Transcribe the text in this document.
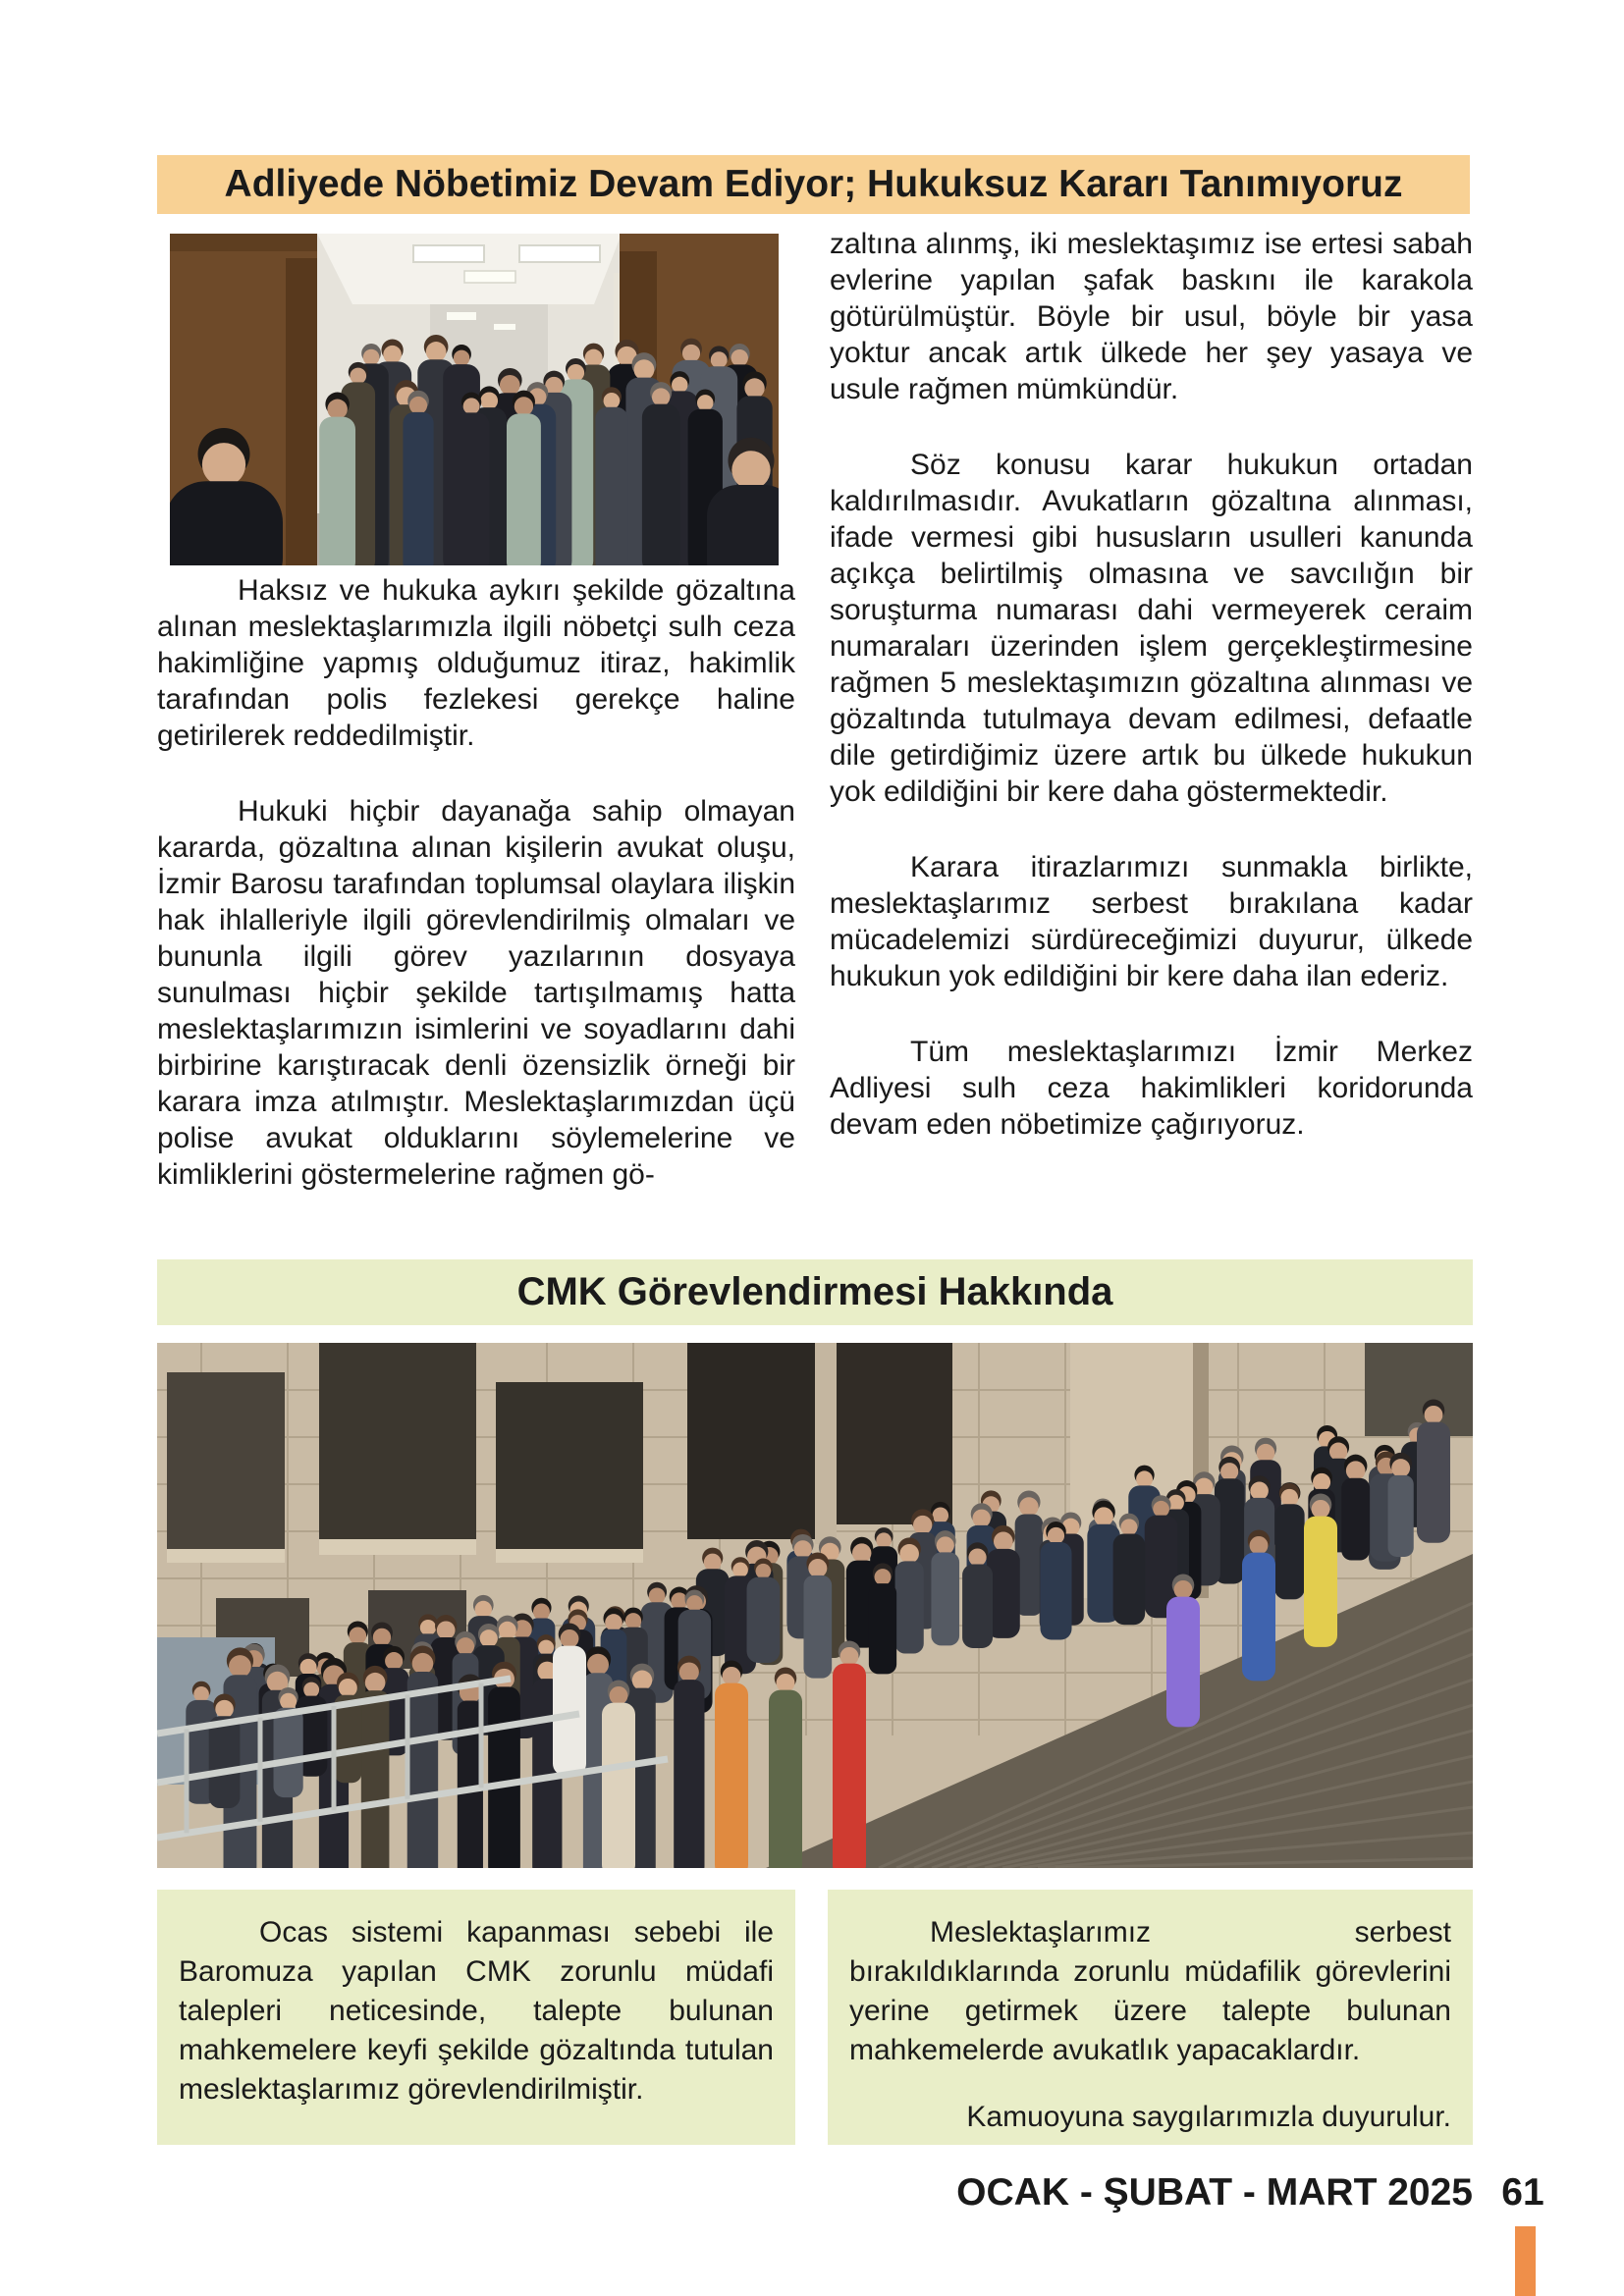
Adliyede Nöbetimiz Devam Ediyor; Hukuksuz Kararı Tanımıyoruz

Haksız ve hukuka aykırı şekilde gözaltına alınan meslektaşlarımızla ilgili nöbetçi sulh ceza hakimliğine yapmış olduğumuz itiraz, hakimlik tarafından polis fezlekesi gerekçe haline getirilerek reddedilmiştir.

Hukuki hiçbir dayanağa sahip olmayan kararda, gözaltına alınan kişilerin avukat oluşu, İzmir Barosu tarafından toplumsal olaylara ilişkin hak ihlalleriyle ilgili görevlendirilmiş olmaları ve bununla ilgili görev yazılarının dosyaya sunulması hiçbir şekilde tartışılmamış hatta meslektaşlarımızın isimlerini ve soyadlarını dahi birbirine karıştıracak denli özensizlik örneği bir karara imza atılmıştır. Meslektaşlarımızdan üçü polise avukat olduklarını söylemelerine ve kimliklerini göstermelerine rağmen gö-

zaltına alınmş, iki meslektaşımız ise ertesi sabah evlerine yapılan şafak baskını ile karakola götürülmüştür. Böyle bir usul, böyle bir yasa yoktur ancak artık ülkede her şey yasaya ve usule rağmen mümkündür.

Söz konusu karar hukukun ortadan kaldırılmasıdır. Avukatların gözaltına alınması, ifade vermesi gibi hususların usulleri kanunda açıkça belirtilmiş olmasına ve savcılığın bir soruşturma numarası dahi vermeyerek ceraim numaraları üzerinden işlem gerçekleştirmesine rağmen 5 meslektaşımızın gözaltına alınması ve gözaltında tutulmaya devam edilmesi, defaatle dile getirdiğimiz üzere artık bu ülkede hukukun yok edildiğini bir kere daha göstermektedir.

Karara itirazlarımızı sunmakla birlikte, meslektaşlarımız serbest bırakılana kadar mücadelemizi sürdüreceğimizi duyurur, ülkede hukukun yok edildiğini bir kere daha ilan ederiz.

Tüm meslektaşlarımızı İzmir Merkez Adliyesi sulh ceza hakimlikleri koridorunda devam eden nöbetimize çağırıyoruz.

CMK Görevlendirmesi Hakkında

Ocas sistemi kapanması sebebi ile Baromuza yapılan CMK zorunlu müdafi talepleri neticesinde, talepte bulunan mahkemelere keyfi şekilde gözaltında tutulan meslektaşlarımız görevlendirilmiştir.

Meslektaşlarımız serbest bırakıldıklarında zorunlu müdafilik görevlerini yerine getirmek üzere talepte bulunan mahkemelerde avukatlık yapacaklardır.

Kamuoyuna saygılarımızla duyurulur.

OCAK - ŞUBAT - MART 2025 61
